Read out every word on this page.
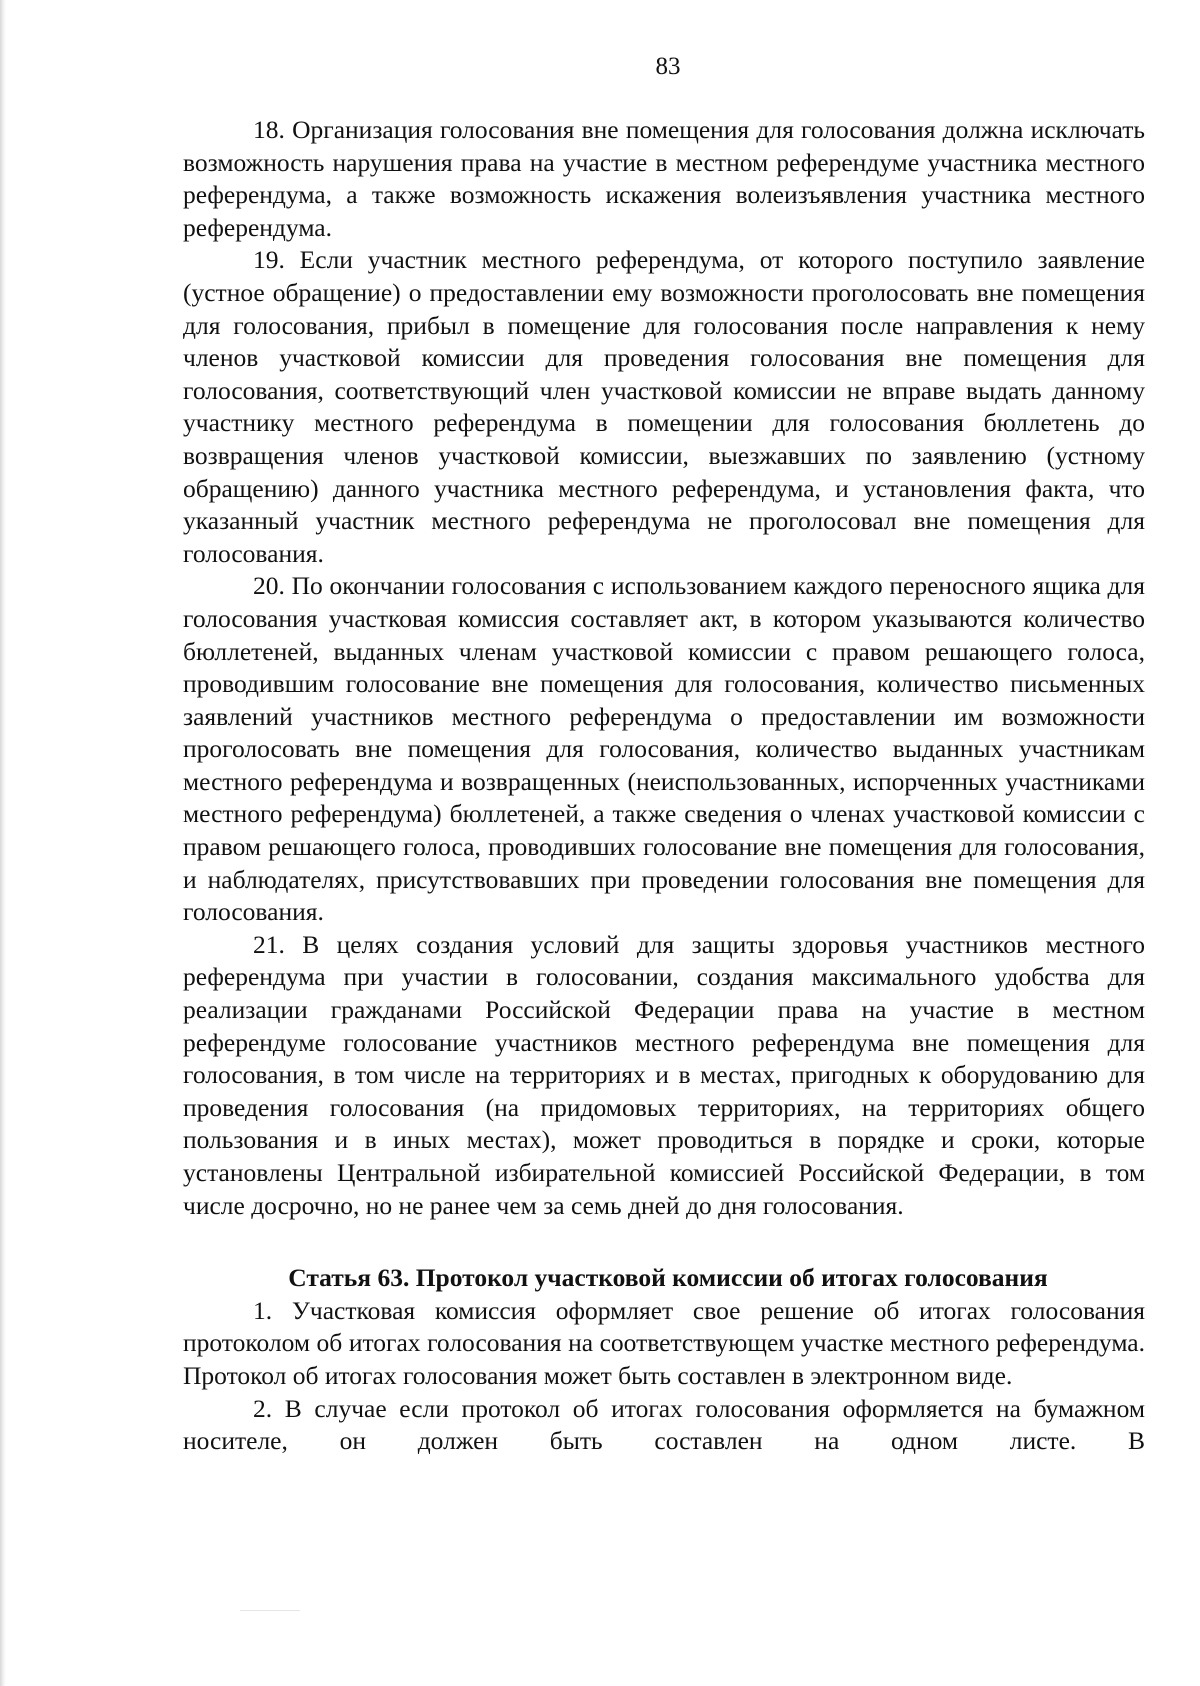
83

18. Организация голосования вне помещения для голосования должна исключать возможность нарушения права на участие в местном референдуме участника местного референдума, а также возможность искажения волеизъявления участника местного референдума.

19. Если участник местного референдума, от которого поступило заявление (устное обращение) о предоставлении ему возможности проголосовать вне помещения для голосования, прибыл в помещение для голосования после направления к нему членов участковой комиссии для проведения голосования вне помещения для голосования, соответствующий член участковой комиссии не вправе выдать данному участнику местного референдума в помещении для голосования бюллетень до возвращения членов участковой комиссии, выезжавших по заявлению (устному обращению) данного участника местного референдума, и установления факта, что указанный участник местного референдума не проголосовал вне помещения для голосования.

20. По окончании голосования с использованием каждого переносного ящика для голосования участковая комиссия составляет акт, в котором указываются количество бюллетеней, выданных членам участковой комиссии с правом решающего голоса, проводившим голосование вне помещения для голосования, количество письменных заявлений участников местного референдума о предоставлении им возможности проголосовать вне помещения для голосования, количество выданных участникам местного референдума и возвращенных (неиспользованных, испорченных участниками местного референдума) бюллетеней, а также сведения о членах участковой комиссии с правом решающего голоса, проводивших голосование вне помещения для голосования, и наблюдателях, присутствовавших при проведении голосования вне помещения для голосования.

21. В целях создания условий для защиты здоровья участников местного референдума при участии в голосовании, создания максимального удобства для реализации гражданами Российской Федерации права на участие в местном референдуме голосование участников местного референдума вне помещения для голосования, в том числе на территориях и в местах, пригодных к оборудованию для проведения голосования (на придомовых территориях, на территориях общего пользования и в иных местах), может проводиться в порядке и сроки, которые установлены Центральной избирательной комиссией Российской Федерации, в том числе досрочно, но не ранее чем за семь дней до дня голосования.

Статья 63. Протокол участковой комиссии об итогах голосования

1. Участковая комиссия оформляет свое решение об итогах голосования протоколом об итогах голосования на соответствующем участке местного референдума. Протокол об итогах голосования может быть составлен в электронном виде.

2. В случае если протокол об итогах голосования оформляется на бумажном носителе, он должен быть составлен на одном листе. В
